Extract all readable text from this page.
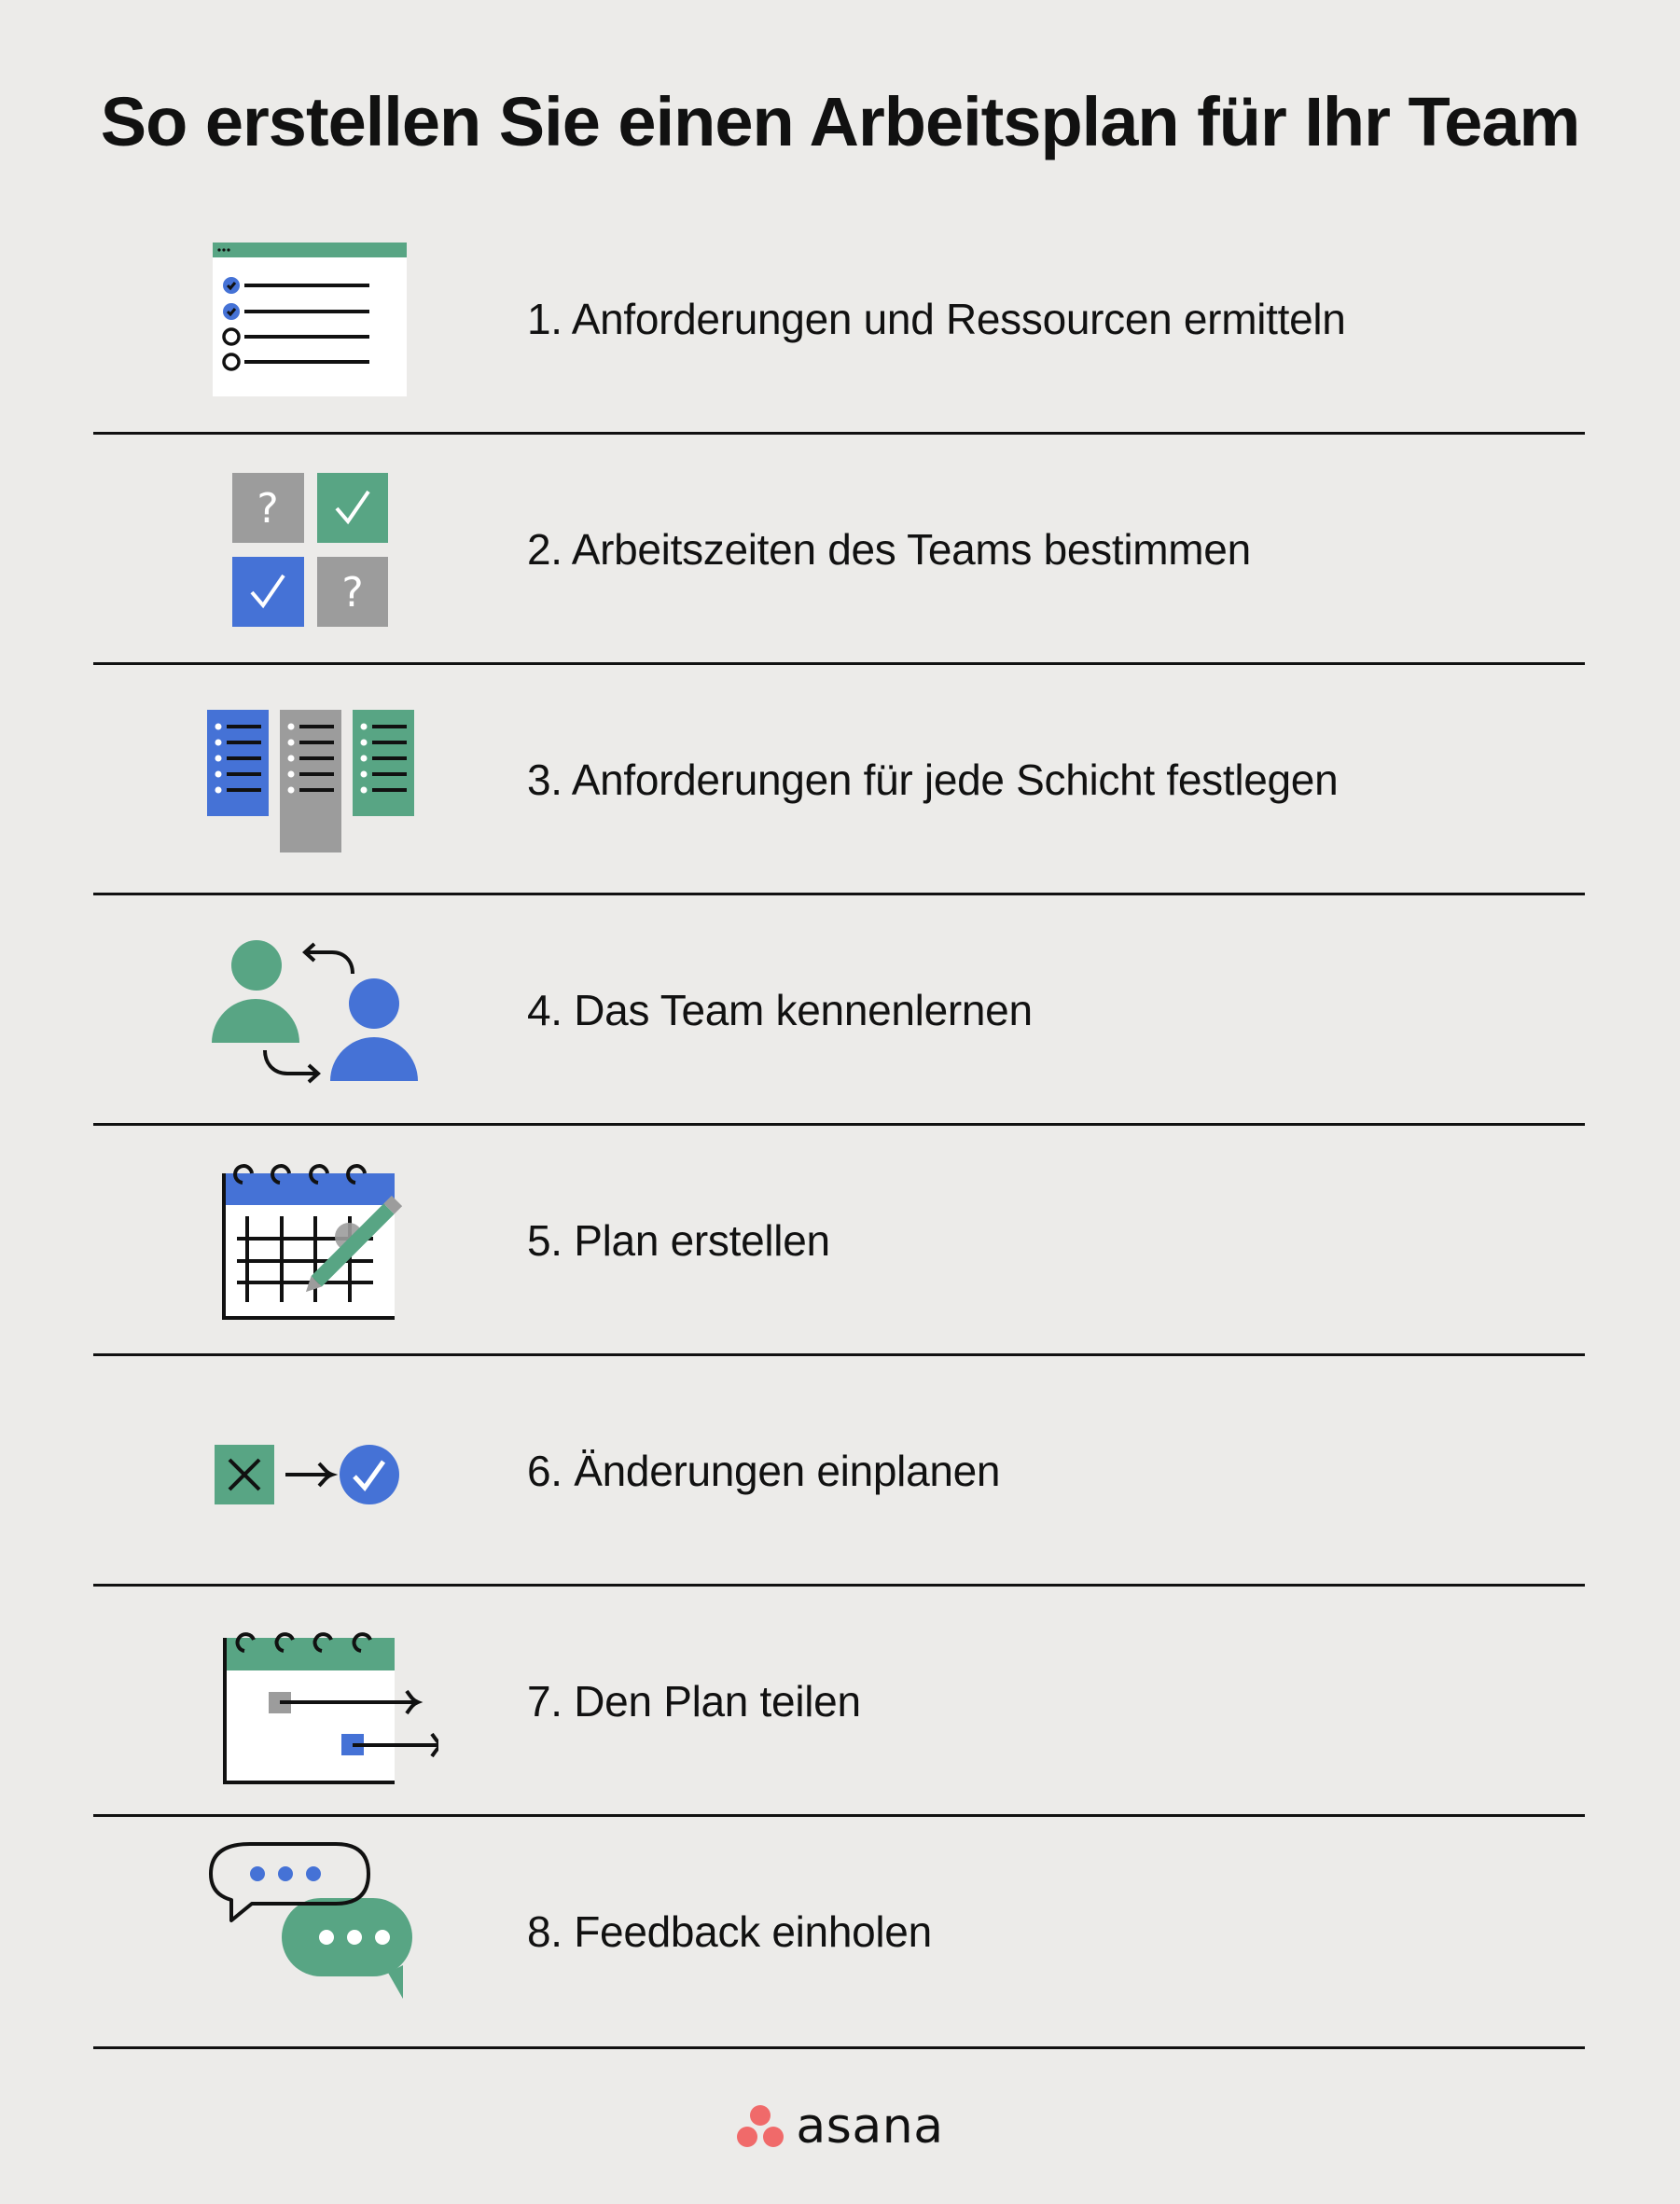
So erstellen Sie einen Arbeitsplan für Ihr Team
1. Anforderungen und Ressourcen ermitteln
?
?
2. Arbeitszeiten des Teams bestimmen
3. Anforderungen für jede Schicht festlegen
4. Das Team kennenlernen
5. Plan erstellen
6. Änderungen einplanen
7. Den Plan teilen
8. Feedback einholen
asana
